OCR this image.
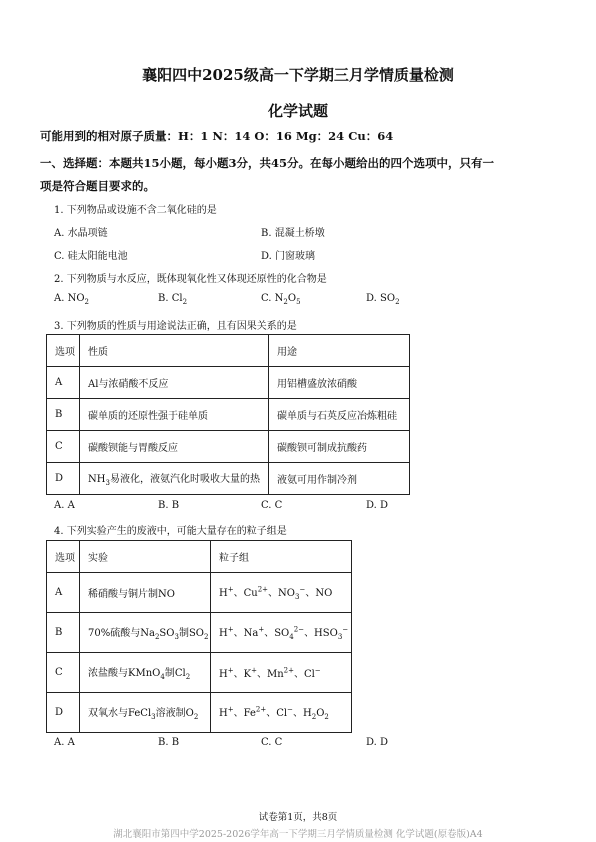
襄阳四中2025级高一下学期三月学情质量检测
化学试题
可能用到的相对原子质量：H：1 N：14 O：16 Mg：24 Cu：64
一、选择题：本题共15小题，每小题3分，共45分。在每小题给出的四个选项中，只有一
项是符合题目要求的。
1. 下列物品或设施不含二氧化硅的是
A. 水晶项链	B. 混凝土桥墩
C. 硅太阳能电池	D. 门窗玻璃
2. 下列物质与水反应，既体现氧化性又体现还原性的化合物是
A. $NO_2$	B. $Cl_2$	C. $N_2O_5$	D. $SO_2$
3. 下列物质的性质与用途说法正确，且有因果关系的是
选项	性质	用途
A	Al与浓硝酸不反应	用铝槽盛放浓硝酸
B	碳单质的还原性强于硅单质	碳单质与石英反应冶炼粗硅
C	碳酸钡能与胃酸反应	碳酸钡可制成抗酸药
D	$NH_3$易液化，液氨汽化时吸收大量的热	液氨可用作制冷剂
A. A	B. B	C. C	D. D
4. 下列实验产生的废液中，可能大量存在的粒子组是
选项	实验	粒子组
A	稀硝酸与铜片制NO	H+、$Cu^{2+}$、$NO_3^-$、NO
B	70%硫酸与$Na_2SO_3$制$SO_2$	H+、Na+、$SO_4^{2-}$、$HSO_3^-$
C	浓盐酸与KMnO$_4$制$Cl_2$	H+、K+、$Mn^{2+}$、Cl−
D	双氧水与FeCl$_3$溶液制$O_2$	H+、$Fe^{2+}$、Cl−、$H_2O_2$
A. A	B. B	C. C	D. D
试卷第1页，共8页
湖北襄阳市第四中学2025-2026学年高一下学期三月学情质量检测 化学试题(原卷版)A4
